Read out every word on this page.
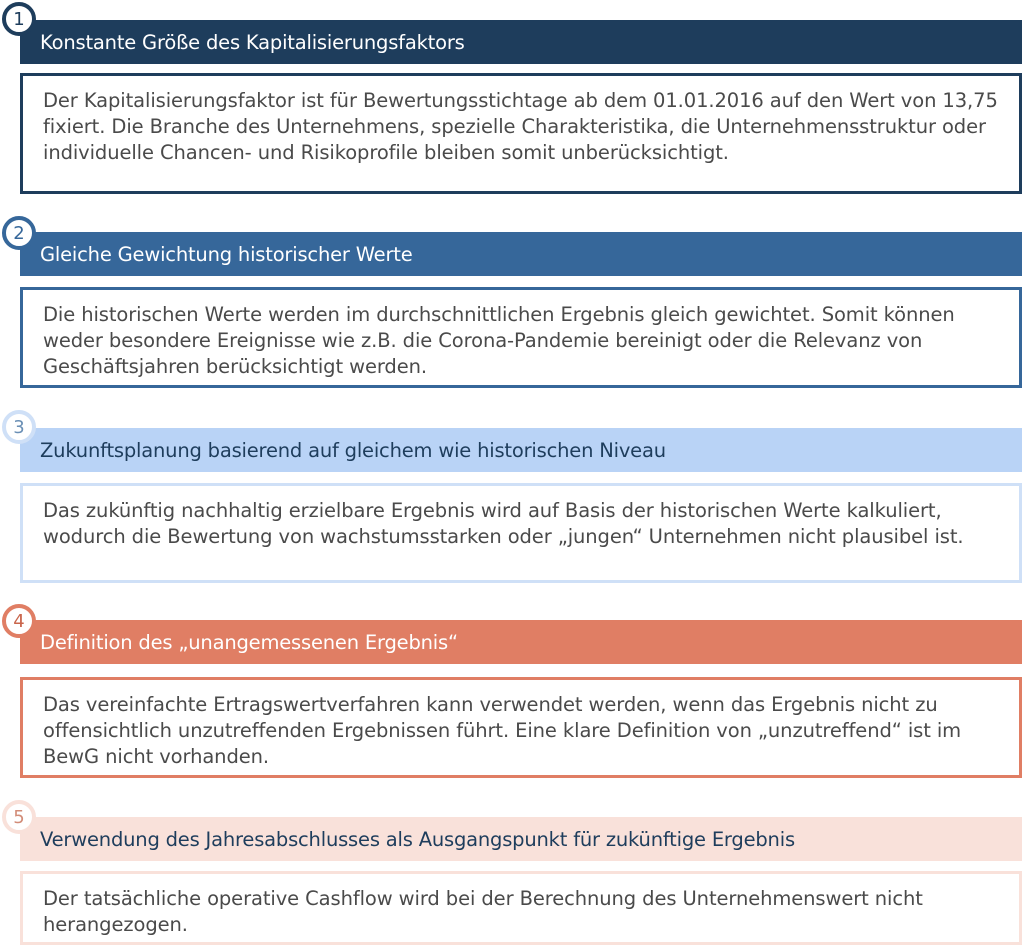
1
Konstante Größe des Kapitalisierungsfaktors
Der Kapitalisierungsfaktor ist für Bewertungsstichtage ab dem 01.01.2016 auf den Wert von 13,75 fixiert. Die Branche des Unternehmens, spezielle Charakteristika, die Unternehmensstruktur oder individuelle Chancen- und Risikoprofile bleiben somit unberücksichtigt.
2
Gleiche Gewichtung historischer Werte
Die historischen Werte werden im durchschnittlichen Ergebnis gleich gewichtet. Somit können weder besondere Ereignisse wie z.B. die Corona-Pandemie bereinigt oder die Relevanz von Geschäftsjahren berücksichtigt werden.
3
Zukunftsplanung basierend auf gleichem wie historischen Niveau
Das zukünftig nachhaltig erzielbare Ergebnis wird auf Basis der historischen Werte kalkuliert, wodurch die Bewertung von wachstumsstarken oder „jungen“ Unternehmen nicht plausibel ist.
4
Definition des „unangemessenen Ergebnis“
Das vereinfachte Ertragswertverfahren kann verwendet werden, wenn das Ergebnis nicht zu offensichtlich unzutreffenden Ergebnissen führt. Eine klare Definition von „unzutreffend“ ist im BewG nicht vorhanden.
5
Verwendung des Jahresabschlusses als Ausgangspunkt für zukünftige Ergebnis
Der tatsächliche operative Cashflow wird bei der Berechnung des Unternehmenswert nicht herangezogen.
